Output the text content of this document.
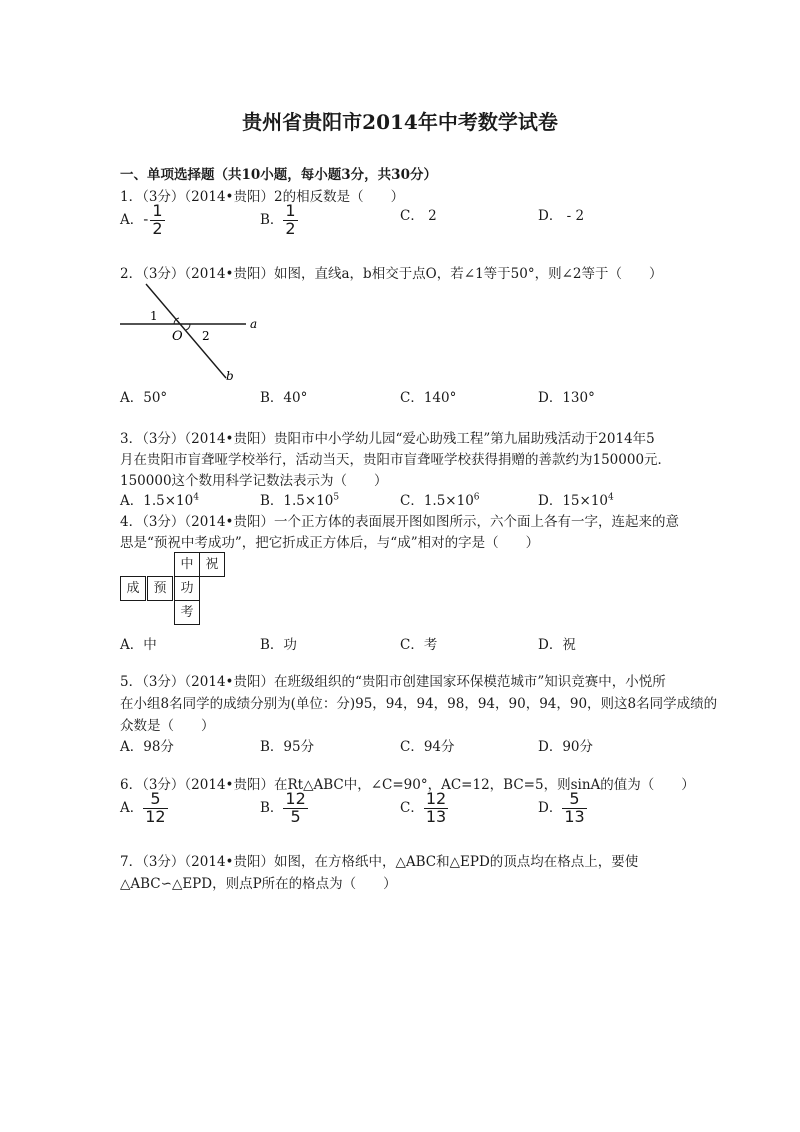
贵州省贵阳市2014年中考数学试卷
一、单项选择题（共10小题，每小题3分，共30分）
1．（3分）（2014•贵阳）2的相反数是（　　）
A．- $\frac{1}{2}$	B． $\frac{1}{2}$	C． 2	D． - 2
2．（3分）（2014•贵阳）如图，直线a，b相交于点O，若∠1等于50°，则∠2等于（　　）
1
O 2
a
b
A．50°	B．40°	C．140°	D．130°
3．（3分）（2014•贵阳）贵阳市中小学幼儿园“爱心助残工程”第九届助残活动于2014年5
月在贵阳市盲聋哑学校举行，活动当天，贵阳市盲聋哑学校获得捐赠的善款约为150000元．
150000这个数用科学记数法表示为（　　）
A．$1.5\times 10^4$	B．$1.5\times 10^5$	C．$1.5\times 10^6$	D．$15\times 10^4$
4．（3分）（2014•贵阳）一个正方体的表面展开图如图所示，六个面上各有一字，连起来的意
思是“预祝中考成功”，把它折成正方体后，与“成”相对的字是（　　）
中 祝
成	预	功
考
A．中	B．功	C．考	D．祝
5．（3分）（2014•贵阳）在班级组织的“贵阳市创建国家环保模范城市”知识竞赛中，小悦所
在小组8名同学的成绩分别为(单位：分)95，94，94，98，94，90，94，90，则这8名同学成绩的
众数是（　　）
A．98分	B．95分	C．94分	D．90分
6．（3分）（2014•贵阳）在Rt△ABC中，∠C=90°，AC=12，BC=5，则sinA的值为（　　）
A． $\frac{5}{12}$	B． $\frac{12}{5}$	C． $\frac{12}{13}$	D． $\frac{5}{13}$
7．（3分）（2014•贵阳）如图，在方格纸中，△ABC和△EPD的顶点均在格点上，要使
△ABC∽△EPD，则点P所在的格点为（　　）
